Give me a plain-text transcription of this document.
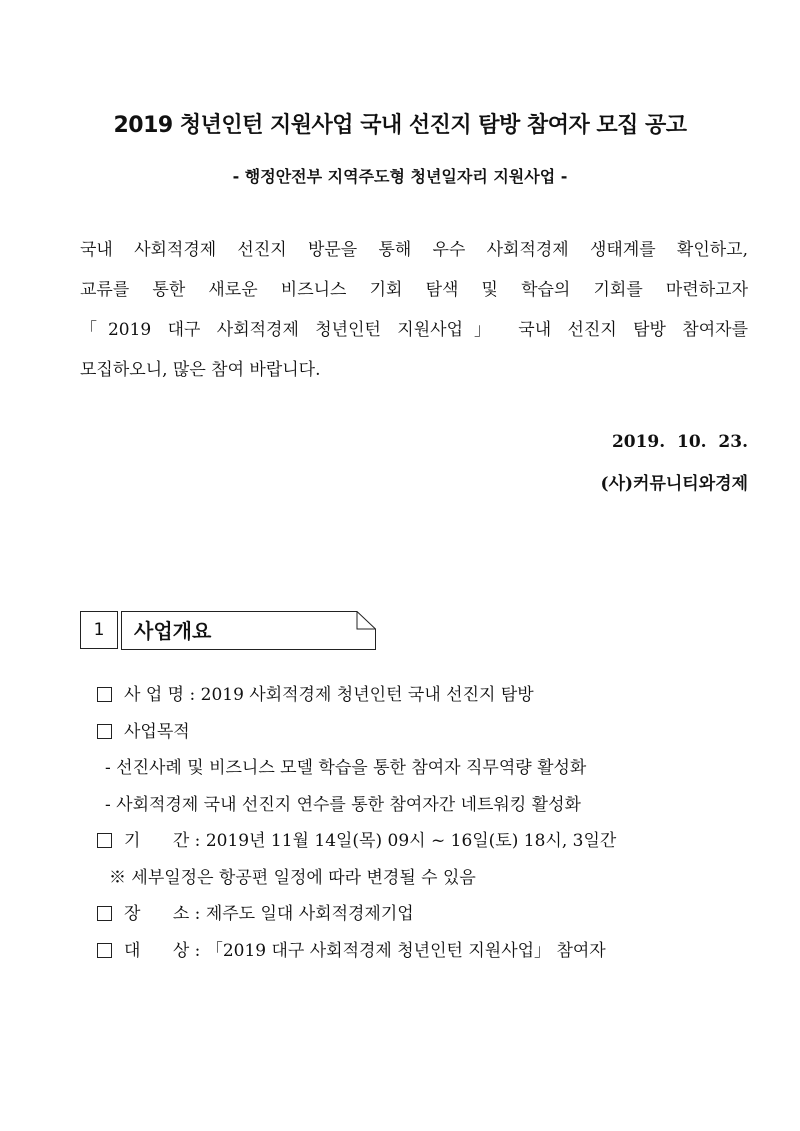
2019 청년인턴 지원사업 국내 선진지 탐방 참여자 모집 공고
- 행정안전부 지역주도형 청년일자리 지원사업 -
국내 사회적경제 선진지 방문을 통해 우수 사회적경제 생태계를 확인하고,
교류를 통한 새로운 비즈니스 기회 탐색 및 학습의 기회를 마련하고자
「2019 대구 사회적경제 청년인턴 지원사업」 국내 선진지 탐방 참여자를
모집하오니, 많은 참여 바랍니다.
2019.  10.  23.
(사)커뮤니티와경제
1	사업개요
사 업 명 : 2019 사회적경제 청년인턴 국내 선진지 탐방
사업목적
- 선진사례 및 비즈니스 모델 학습을 통한 참여자 직무역량 활성화
- 사회적경제 국내 선진지 연수를 통한 참여자간 네트워킹 활성화
기      간 : 2019년 11월 14일(목) 09시 ~ 16일(토) 18시, 3일간
※ 세부일정은 항공편 일정에 따라 변경될 수 있음
장      소 : 제주도 일대 사회적경제기업
대      상 : 「2019 대구 사회적경제 청년인턴 지원사업」 참여자
